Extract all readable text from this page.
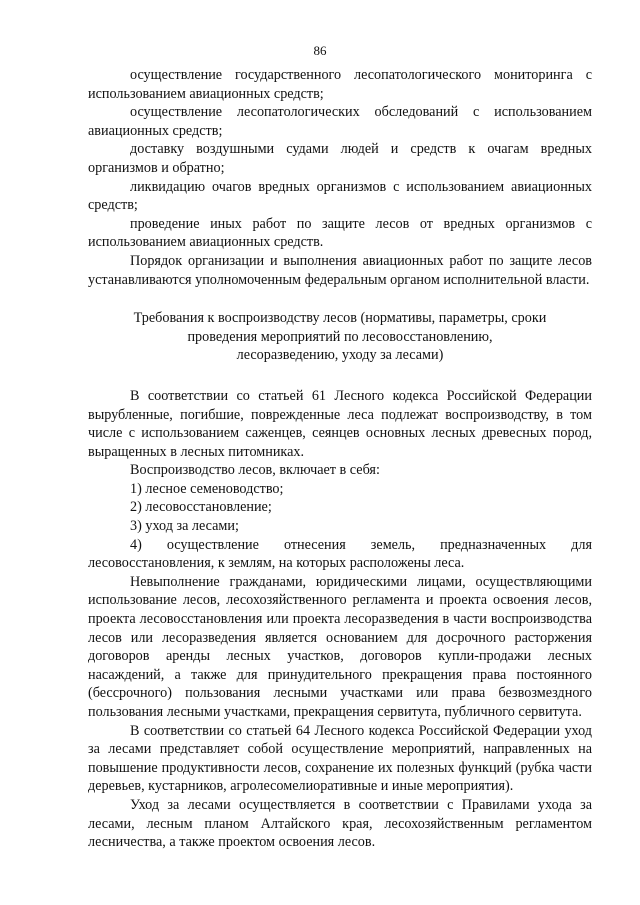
86

осуществление государственного лесопатологического мониторинга с использованием авиационных средств;

осуществление лесопатологических обследований с использованием авиационных средств;

доставку воздушными судами людей и средств к очагам вредных организмов и обратно;

ликвидацию очагов вредных организмов с использованием авиационных средств;

проведение иных работ по защите лесов от вредных организмов с использованием авиационных средств.

Порядок организации и выполнения авиационных работ по защите лесов устанавливаются уполномоченным федеральным органом исполнительной власти.

Требования к воспроизводству лесов (нормативы, параметры, сроки
проведения мероприятий по лесовосстановлению,
лесоразведению, уходу за лесами)

В соответствии со статьей 61 Лесного кодекса Российской Федерации вырубленные, погибшие, поврежденные леса подлежат воспроизводству, в том числе с использованием саженцев, сеянцев основных лесных древесных пород, выращенных в лесных питомниках.

Воспроизводство лесов, включает в себя:

1) лесное семеноводство;

2) лесовосстановление;

3) уход за лесами;

4) осуществление отнесения земель, предназначенных для лесовосстановления, к землям, на которых расположены леса.

Невыполнение гражданами, юридическими лицами, осуществляющими использование лесов, лесохозяйственного регламента и проекта освоения лесов, проекта лесовосстановления или проекта лесоразведения в части воспроизводства лесов или лесоразведения является основанием для досрочного расторжения договоров аренды лесных участков, договоров купли-продажи лесных насаждений, а также для принудительного прекращения права постоянного (бессрочного) пользования лесными участками или права безвозмездного пользования лесными участками, прекращения сервитута, публичного сервитута.

В соответствии со статьей 64 Лесного кодекса Российской Федерации уход за лесами представляет собой осуществление мероприятий, направленных на повышение продуктивности лесов, сохранение их полезных функций (рубка части деревьев, кустарников, агролесомелиоративные и иные мероприятия).

Уход за лесами осуществляется в соответствии с Правилами ухода за лесами, лесным планом Алтайского края, лесохозяйственным регламентом лесничества, а также проектом освоения лесов.
